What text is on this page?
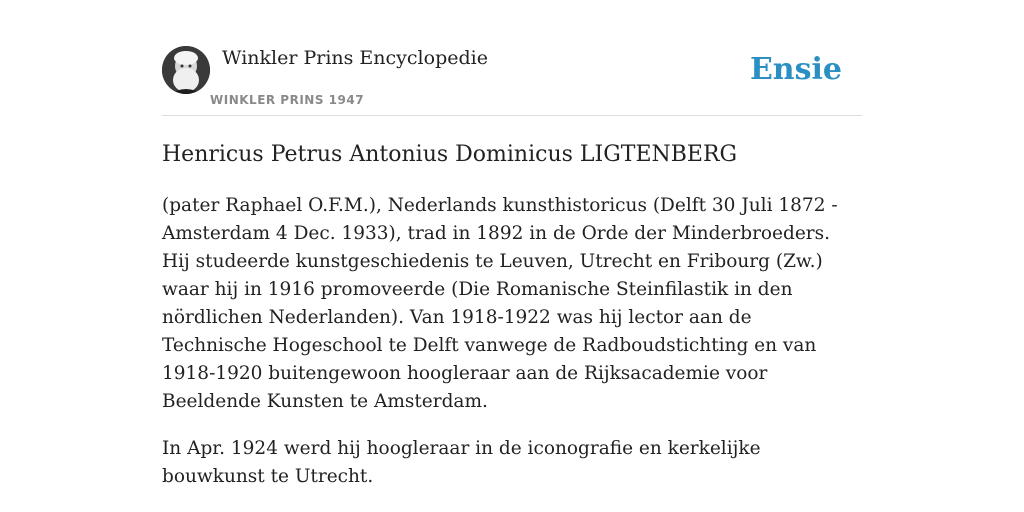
Winkler Prins Encyclopedie
WINKLER PRINS 1947
Ensie
Henricus Petrus Antonius Dominicus LIGTENBERG

(pater Raphael O.F.M.), Nederlands kunsthistoricus (Delft 30 Juli 1872 - Amsterdam 4 Dec. 1933), trad in 1892 in de Orde der Minderbroeders. Hij studeerde kunstgeschiedenis te Leuven, Utrecht en Fribourg (Zw.) waar hij in 1916 promoveerde (Die Romanische Steinfilastik in den nördlichen Nederlanden). Van 1918-1922 was hij lector aan de Technische Hogeschool te Delft vanwege de Radboudstichting en van 1918-1920 buitengewoon hoogleraar aan de Rijksacademie voor Beeldende Kunsten te Amsterdam.

In Apr. 1924 werd hij hoogleraar in de iconografie en kerkelijke bouwkunst te Utrecht.
